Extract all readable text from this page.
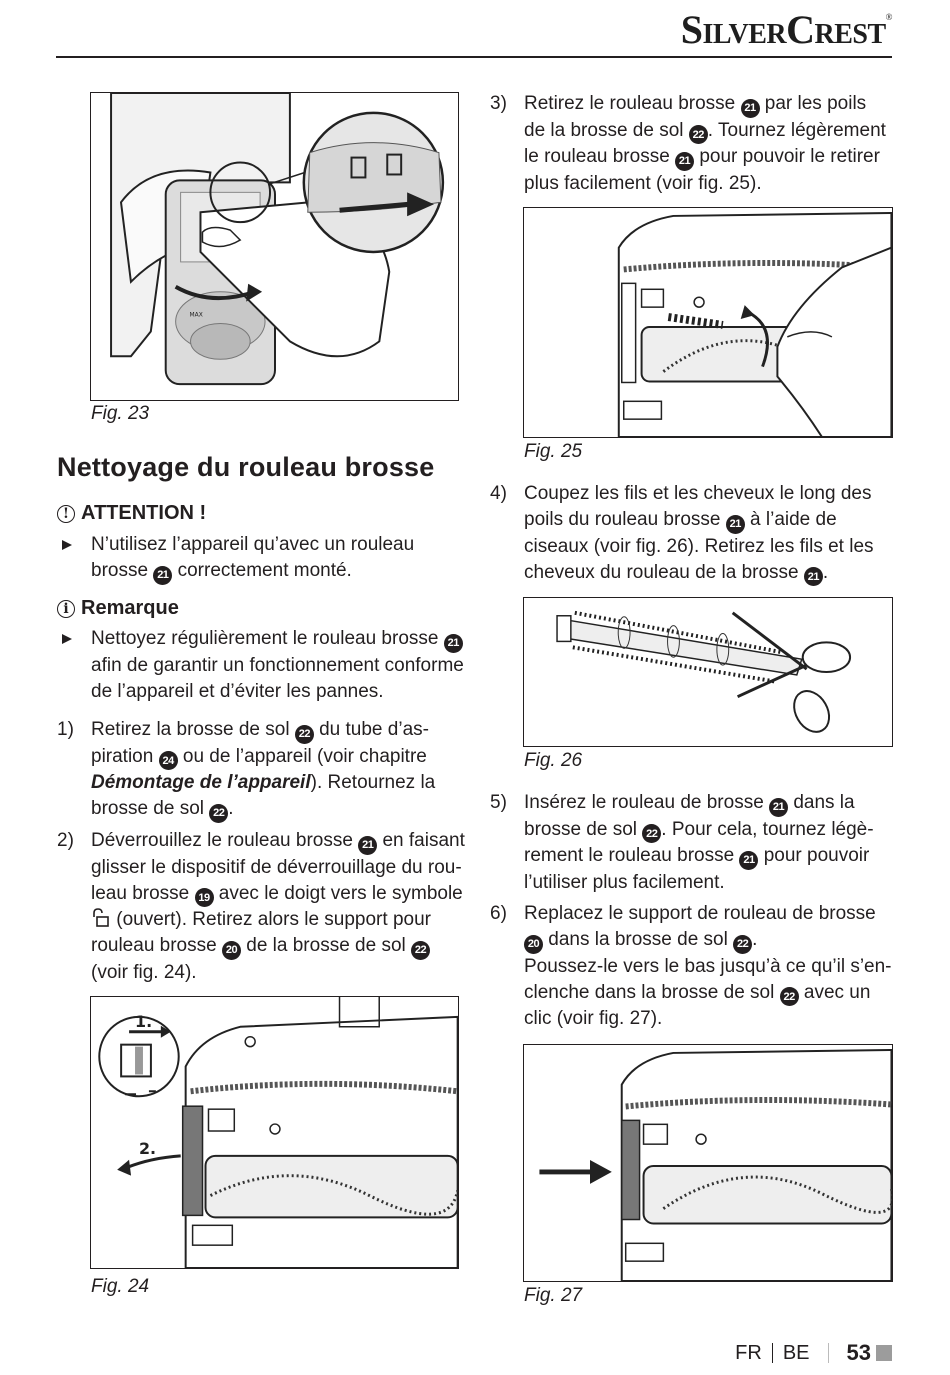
SilverCrest®
MAX
Fig. 23
Nettoyage du rouleau brosse
! ATTENTION !
N’utilisez l’appareil qu’avec un rouleau
brosse 21 correctement monté.
i Remarque
Nettoyez régulièrement le rouleau brosse 21
afin de garantir un fonctionnement conforme
de l’appareil et d’éviter les pannes.
1) Retirez la brosse de sol 22 du tube d’as-
piration 24 ou de l’appareil (voir chapitre
Démontage de l’appareil). Retournez la
brosse de sol 22 .
2) Déverrouillez le rouleau brosse 21 en faisant
glisser le dispositif de déverrouillage du rou-
leau brosse 19 avec le doigt vers le symbole
(ouvert). Retirez alors le support pour
rouleau brosse 20 de la brosse de sol 22
(voir fig. 24).
1.
2.
Fig. 24
3) Retirez le rouleau brosse 21 par les poils
de la brosse de sol 22 . Tournez légèrement
le rouleau brosse 21 pour pouvoir le retirer
plus facilement (voir fig. 25).
Fig. 25
4) Coupez les fils et les cheveux le long des
poils du rouleau brosse 21 à l’aide de
ciseaux (voir fig. 26). Retirez les fils et les
cheveux du rouleau de la brosse 21 .
Fig. 26
5) Insérez le rouleau de brosse 21 dans la
brosse de sol 22 . Pour cela, tournez légè-
rement le rouleau brosse 21 pour pouvoir
l’utiliser plus facilement.
6) Replacez le support de rouleau de brosse
20 dans la brosse de sol 22 .
Poussez-le vers le bas jusqu’à ce qu’il s’en-
clenche dans la brosse de sol 22 avec un
clic (voir fig. 27).
Fig. 27
FR BE 53
